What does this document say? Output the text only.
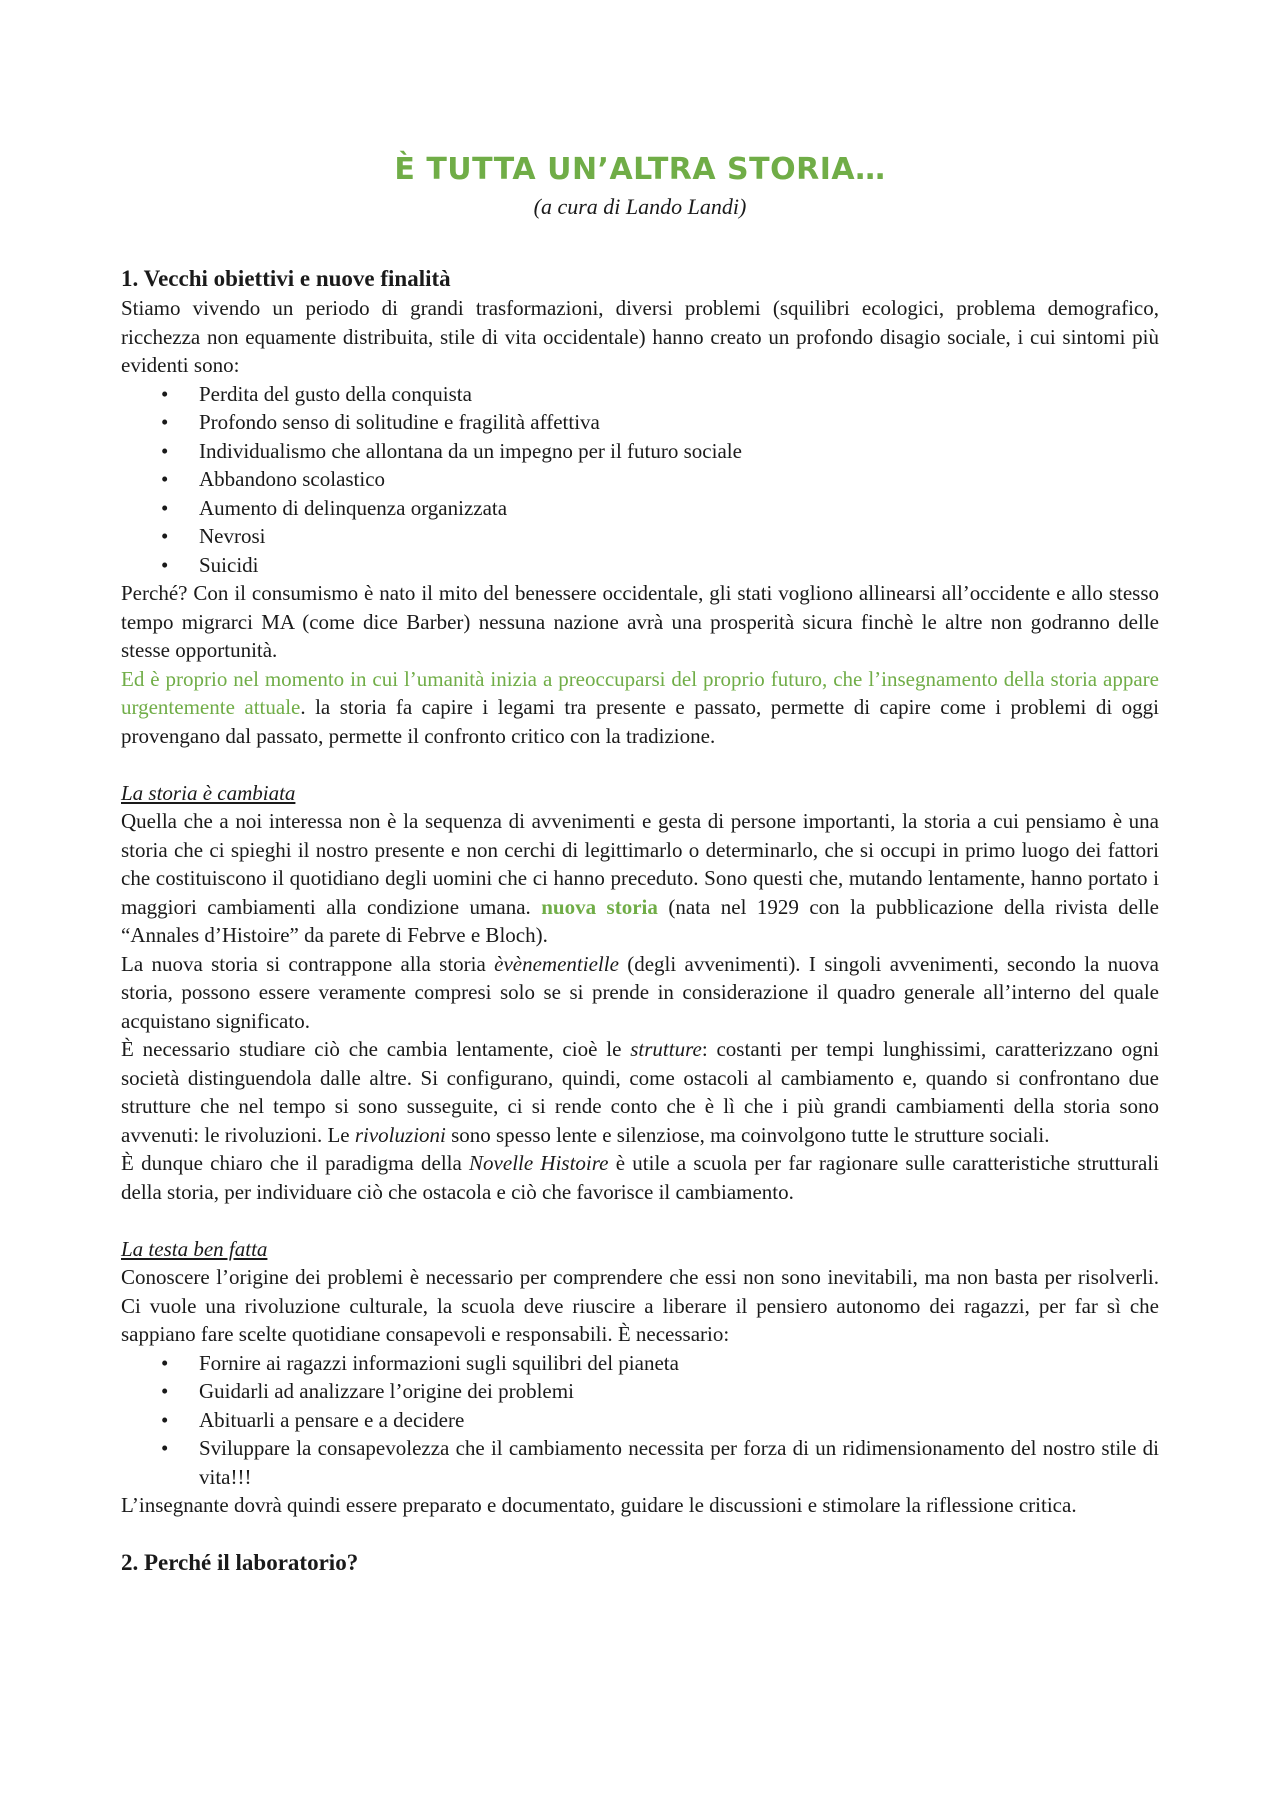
È TUTTA UN’ALTRA STORIA…
(a cura di Lando Landi)
1. Vecchi obiettivi e nuove finalità

Stiamo vivendo un periodo di grandi trasformazioni, diversi problemi (squilibri ecologici, problema demografico, ricchezza non equamente distribuita, stile di vita occidentale) hanno creato un profondo disagio sociale, i cui sintomi più evidenti sono:

• Perdita del gusto della conquista
• Profondo senso di solitudine e fragilità affettiva
• Individualismo che allontana da un impegno per il futuro sociale
• Abbandono scolastico
• Aumento di delinquenza organizzata
• Nevrosi
• Suicidi

Perché? Con il consumismo è nato il mito del benessere occidentale, gli stati vogliono allinearsi all’occidente e allo stesso tempo migrarci MA (come dice Barber) nessuna nazione avrà una prosperità sicura finchè le altre non godranno delle stesse opportunità.

Ed è proprio nel momento in cui l’umanità inizia a preoccuparsi del proprio futuro, che l’insegnamento della storia appare urgentemente attuale. la storia fa capire i legami tra presente e passato, permette di capire come i problemi di oggi provengano dal passato, permette il confronto critico con la tradizione.

La storia è cambiata

Quella che a noi interessa non è la sequenza di avvenimenti e gesta di persone importanti, la storia a cui pensiamo è una storia che ci spieghi il nostro presente e non cerchi di legittimarlo o determinarlo, che si occupi in primo luogo dei fattori che costituiscono il quotidiano degli uomini che ci hanno preceduto. Sono questi che, mutando lentamente, hanno portato i maggiori cambiamenti alla condizione umana. nuova storia (nata nel 1929 con la pubblicazione della rivista delle “Annales d’Histoire” da parete di Febrve e Bloch).

La nuova storia si contrappone alla storia èvènementielle (degli avvenimenti). I singoli avvenimenti, secondo la nuova storia, possono essere veramente compresi solo se si prende in considerazione il quadro generale all’interno del quale acquistano significato.

È necessario studiare ciò che cambia lentamente, cioè le strutture: costanti per tempi lunghissimi, caratterizzano ogni società distinguendola dalle altre. Si configurano, quindi, come ostacoli al cambiamento e, quando si confrontano due strutture che nel tempo si sono susseguite, ci si rende conto che è lì che i più grandi cambiamenti della storia sono avvenuti: le rivoluzioni. Le rivoluzioni sono spesso lente e silenziose, ma coinvolgono tutte le strutture sociali.

È dunque chiaro che il paradigma della Novelle Histoire è utile a scuola per far ragionare sulle caratteristiche strutturali della storia, per individuare ciò che ostacola e ciò che favorisce il cambiamento.

La testa ben fatta

Conoscere l’origine dei problemi è necessario per comprendere che essi non sono inevitabili, ma non basta per risolverli. Ci vuole una rivoluzione culturale, la scuola deve riuscire a liberare il pensiero autonomo dei ragazzi, per far sì che sappiano fare scelte quotidiane consapevoli e responsabili. È necessario:

• Fornire ai ragazzi informazioni sugli squilibri del pianeta
• Guidarli ad analizzare l’origine dei problemi
• Abituarli a pensare e a decidere
• Sviluppare la consapevolezza che il cambiamento necessita per forza di un ridimensionamento del nostro stile di vita!!!

L’insegnante dovrà quindi essere preparato e documentato, guidare le discussioni e stimolare la riflessione critica.

2. Perché il laboratorio?
